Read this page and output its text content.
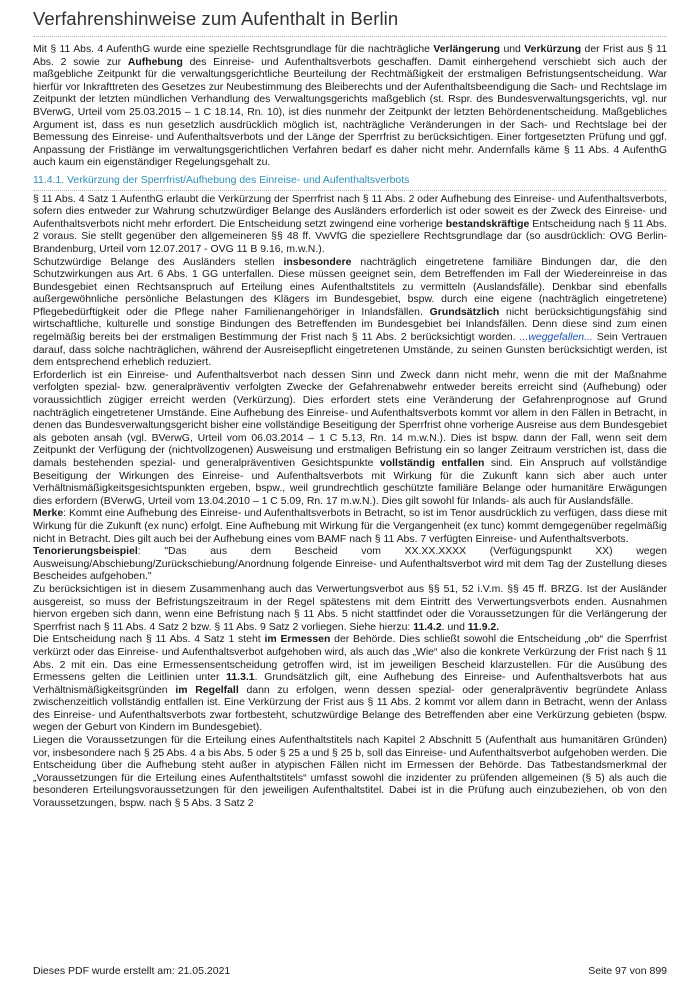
Verfahrenshinweise zum Aufenthalt in Berlin

Mit § 11 Abs. 4 AufenthG wurde eine spezielle Rechtsgrundlage für die nachträgliche Verlängerung und Verkürzung der Frist aus § 11 Abs. 2 sowie zur Aufhebung des Einreise- und Aufenthaltsverbots geschaffen. Damit einhergehend verschiebt sich auch der maßgebliche Zeitpunkt für die verwaltungsgerichtliche Beurteilung der Rechtmäßigkeit der erstmaligen Befristungsentscheidung. War hierfür vor Inkrafttreten des Gesetzes zur Neubestimmung des Bleiberechts und der Aufenthaltsbeendigung die Sach- und Rechtslage im Zeitpunkt der letzten mündlichen Verhandlung des Verwaltungsgerichts maßgeblich (st. Rspr. des Bundesverwaltungsgerichts, vgl. nur BVerwG, Urteil vom 25.03.2015 – 1 C 18.14, Rn. 10), ist dies nunmehr der Zeitpunkt der letzten Behördenentscheidung. Maßgebliches Argument ist, dass es nun gesetzlich ausdrücklich möglich ist, nachträgliche Veränderungen in der Sach- und Rechtslage bei der Bemessung des Einreise- und Aufenthaltsverbots und der Länge der Sperrfrist zu berücksichtigen. Einer fortgesetzten Prüfung und ggf. Anpassung der Fristlänge im verwaltungsgerichtlichen Verfahren bedarf es daher nicht mehr. Andernfalls käme § 11 Abs. 4 AufenthG auch kaum ein eigenständiger Regelungsgehalt zu.

11.4.1. Verkürzung der Sperrfrist/Aufhebung des Einreise- und Aufenthaltsverbots

§ 11 Abs. 4 Satz 1 AufenthG erlaubt die Verkürzung der Sperrfrist nach § 11 Abs. 2 oder Aufhebung des Einreise- und Aufenthaltsverbots, sofern dies entweder zur Wahrung schutzwürdiger Belange des Ausländers erforderlich ist oder soweit es der Zweck des Einreise- und Aufenthaltsverbots nicht mehr erfordert. Die Entscheidung setzt zwingend eine vorherige bestandskräftige Entscheidung nach § 11 Abs. 2 voraus. Sie stellt gegenüber den allgemeineren §§ 48 ff. VwVfG die speziellere Rechtsgrundlage dar (so ausdrücklich: OVG Berlin-Brandenburg, Urteil vom 12.07.2017 - OVG 11 B 9.16, m.w.N.).

Schutzwürdige Belange des Ausländers stellen insbesondere nachträglich eingetretene familiäre Bindungen dar, die den Schutzwirkungen aus Art. 6 Abs. 1 GG unterfallen. Diese müssen geeignet sein, dem Betreffenden im Fall der Wiedereinreise in das Bundesgebiet einen Rechtsanspruch auf Erteilung eines Aufenthaltstitels zu vermitteln (Auslandsfälle). Denkbar sind ebenfalls außergewöhnliche persönliche Belastungen des Klägers im Bundesgebiet, bspw. durch eine eigene (nachträglich eingetretene) Pflegebedürftigkeit oder die Pflege naher Familienangehöriger in Inlandsfällen. Grundsätzlich nicht berücksichtigungsfähig sind wirtschaftliche, kulturelle und sonstige Bindungen des Betreffenden im Bundesgebiet bei Inlandsfällen. Denn diese sind zum einen regelmäßig bereits bei der erstmaligen Bestimmung der Frist nach § 11 Abs. 2 berücksichtigt worden. ...weggefallen... Sein Vertrauen darauf, dass solche nachträglichen, während der Ausreisepflicht eingetretenen Umstände, zu seinen Gunsten berücksichtigt werden, ist dem entsprechend erheblich reduziert.

Erforderlich ist ein Einreise- und Aufenthaltsverbot nach dessen Sinn und Zweck dann nicht mehr, wenn die mit der Maßnahme verfolgten spezial- bzw. generalpräventiv verfolgten Zwecke der Gefahrenabwehr entweder bereits erreicht sind (Aufhebung) oder voraussichtlich zügiger erreicht werden (Verkürzung). Dies erfordert stets eine Veränderung der Gefahrenprognose auf Grund nachträglich eingetretener Umstände. Eine Aufhebung des Einreise- und Aufenthaltsverbots kommt vor allem in den Fällen in Betracht, in denen das Bundesverwaltungsgericht bisher eine vollständige Beseitigung der Sperrfrist ohne vorherige Ausreise aus dem Bundesgebiet als geboten ansah (vgl. BVerwG, Urteil vom 06.03.2014 – 1 C 5.13, Rn. 14 m.w.N.). Dies ist bspw. dann der Fall, wenn seit dem Zeitpunkt der Verfügung der (nichtvollzogenen) Ausweisung und erstmaligen Befristung ein so langer Zeitraum verstrichen ist, dass die damals bestehenden spezial- und generalpräventiven Gesichtspunkte vollständig entfallen sind. Ein Anspruch auf vollständige Beseitigung der Wirkungen des Einreise- und Aufenthaltsverbots mit Wirkung für die Zukunft kann sich aber auch unter Verhältnismäßigkeitsgesichtspunkten ergeben, bspw., weil grundrechtlich geschützte familiäre Belange oder humanitäre Erwägungen dies erfordern (BVerwG, Urteil vom 13.04.2010 – 1 C 5.09, Rn. 17 m.w.N.). Dies gilt sowohl für Inlands- als auch für Auslandsfälle.

Merke: Kommt eine Aufhebung des Einreise- und Aufenthaltsverbots in Betracht, so ist im Tenor ausdrücklich zu verfügen, dass diese mit Wirkung für die Zukunft (ex nunc) erfolgt. Eine Aufhebung mit Wirkung für die Vergangenheit (ex tunc) kommt demgegenüber regelmäßig nicht in Betracht. Dies gilt auch bei der Aufhebung eines vom BAMF nach § 11 Abs. 7 verfügten Einreise- und Aufenthaltsverbots.

Tenorierungsbeispiel: "Das aus dem Bescheid vom XX.XX.XXXX (Verfügungspunkt XX) wegen Ausweisung/Abschiebung/Zurückschiebung/Anordnung folgende Einreise- und Aufenthaltsverbot wird mit dem Tag der Zustellung dieses Bescheides aufgehoben."

Zu berücksichtigen ist in diesem Zusammenhang auch das Verwertungsverbot aus §§ 51, 52 i.V.m. §§ 45 ff. BRZG. Ist der Ausländer ausgereist, so muss der Befristungszeitraum in der Regel spätestens mit dem Eintritt des Verwertungsverbots enden. Ausnahmen hiervon ergeben sich dann, wenn eine Befristung nach § 11 Abs. 5 nicht stattfindet oder die Voraussetzungen für die Verlängerung der Sperrfrist nach § 11 Abs. 4 Satz 2 bzw. § 11 Abs. 9 Satz 2 vorliegen. Siehe hierzu: 11.4.2. und 11.9.2.

Die Entscheidung nach § 11 Abs. 4 Satz 1 steht im Ermessen der Behörde. Dies schließt sowohl die Entscheidung „ob“ die Sperrfrist verkürzt oder das Einreise- und Aufenthaltsverbot aufgehoben wird, als auch das „Wie“ also die konkrete Verkürzung der Frist nach § 11 Abs. 2 mit ein. Das eine Ermessensentscheidung getroffen wird, ist im jeweiligen Bescheid klarzustellen. Für die Ausübung des Ermessens gelten die Leitlinien unter 11.3.1. Grundsätzlich gilt, eine Aufhebung des Einreise- und Aufenthaltsverbots hat aus Verhältnismäßigkeitsgründen im Regelfall dann zu erfolgen, wenn dessen spezial- oder generalpräventiv begründete Anlass zwischenzeitlich vollständig entfallen ist. Eine Verkürzung der Frist aus § 11 Abs. 2 kommt vor allem dann in Betracht, wenn der Anlass des Einreise- und Aufenthaltsverbots zwar fortbesteht, schutzwürdige Belange des Betreffenden aber eine Verkürzung gebieten (bspw. wegen der Geburt von Kindern im Bundesgebiet).

Liegen die Voraussetzungen für die Erteilung eines Aufenthaltstitels nach Kapitel 2 Abschnitt 5 (Aufenthalt aus humanitären Gründen) vor, insbesondere nach § 25 Abs. 4 a bis Abs. 5 oder § 25 a und § 25 b, soll das Einreise- und Aufenthaltsverbot aufgehoben werden. Die Entscheidung über die Aufhebung steht außer in atypischen Fällen nicht im Ermessen der Behörde. Das Tatbestandsmerkmal der „Voraussetzungen für die Erteilung eines Aufenthaltstitels“ umfasst sowohl die inzidenter zu prüfenden allgemeinen (§ 5) als auch die besonderen Erteilungsvoraussetzungen für den jeweiligen Aufenthaltstitel. Dabei ist in die Prüfung auch einzubeziehen, ob von den Voraussetzungen, bspw. nach § 5 Abs. 3 Satz 2

Dieses PDF wurde erstellt am: 21.05.2021	Seite 97 von 899
